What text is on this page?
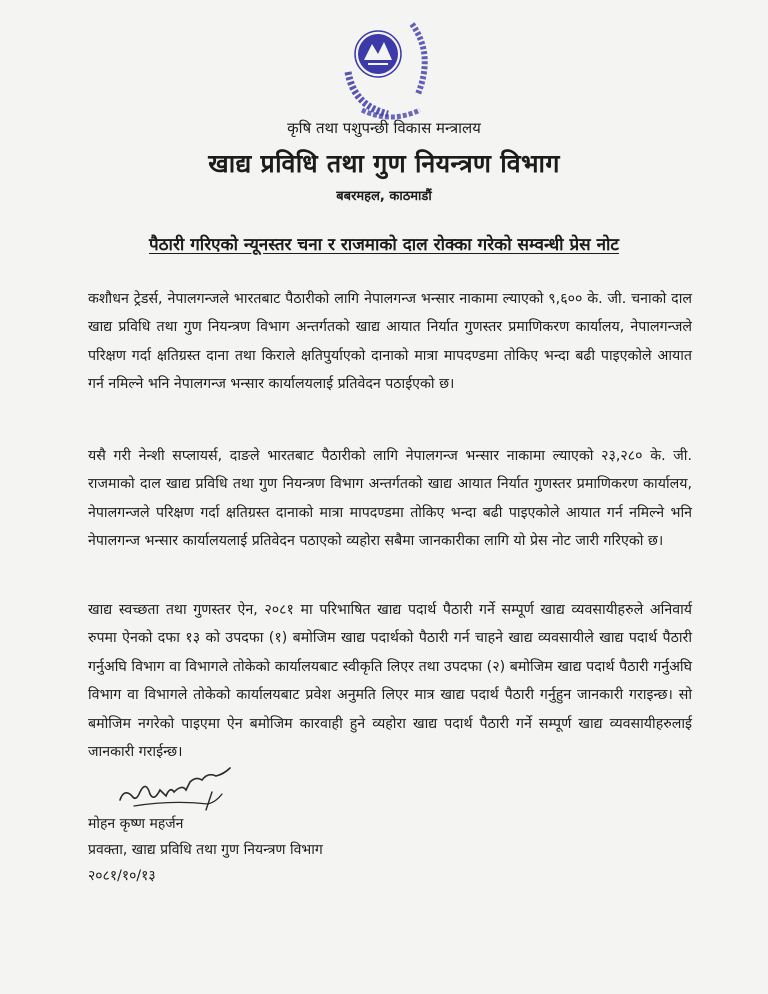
कृषि तथा पशुपन्छी विकास मन्त्रालय
खाद्य प्रविधि तथा गुण नियन्त्रण विभाग
बबरमहल, काठमाडौं
पैठारी गरिएको न्यूनस्तर चना र राजमाको दाल रोक्का गरेको सम्वन्धी प्रेस नोट

कशौधन ट्रेडर्स, नेपालगन्जले भारतबाट पैठारीको लागि नेपालगन्ज भन्सार नाकामा ल्याएको ९,६०० के. जी. चनाको दाल खाद्य प्रविधि तथा गुण नियन्त्रण विभाग अन्तर्गतको खाद्य आयात निर्यात गुणस्तर प्रमाणिकरण कार्यालय, नेपालगन्जले परिक्षण गर्दा क्षतिग्रस्त दाना तथा किराले क्षतिपुर्याएको दानाको मात्रा मापदण्डमा तोकिए भन्दा बढी पाइएकोले आयात गर्न नमिल्ने भनि नेपालगन्ज भन्सार कार्यालयलाई प्रतिवेदन पठाईएको छ।

यसै गरी नेन्शी सप्लायर्स, दाङले भारतबाट पैठारीको लागि नेपालगन्ज भन्सार नाकामा ल्याएको २३,२८० के. जी. राजमाको दाल खाद्य प्रविधि तथा गुण नियन्त्रण विभाग अन्तर्गतको खाद्य आयात निर्यात गुणस्तर प्रमाणिकरण कार्यालय, नेपालगन्जले परिक्षण गर्दा क्षतिग्रस्त दानाको मात्रा मापदण्डमा तोकिए भन्दा बढी पाइएकोले आयात गर्न नमिल्ने भनि नेपालगन्ज भन्सार कार्यालयलाई प्रतिवेदन पठाएको व्यहोरा सबैमा जानकारीका लागि यो प्रेस नोट जारी गरिएको छ।

खाद्य स्वच्छता तथा गुणस्तर ऐन, २०८१ मा परिभाषित खाद्य पदार्थ पैठारी गर्ने सम्पूर्ण खाद्य व्यवसायीहरुले अनिवार्य रुपमा ऐनको दफा १३ को उपदफा (१) बमोजिम खाद्य पदार्थको पैठारी गर्न चाहने खाद्य व्यवसायीले खाद्य पदार्थ पैठारी गर्नुअघि विभाग वा विभागले तोकेको कार्यालयबाट स्वीकृति लिएर तथा उपदफा (२) बमोजिम खाद्य पदार्थ पैठारी गर्नुअघि विभाग वा विभागले तोकेको कार्यालयबाट प्रवेश अनुमति लिएर मात्र खाद्य पदार्थ पैठारी गर्नुहुन जानकारी गराइन्छ। सो बमोजिम नगरेको पाइएमा ऐन बमोजिम कारवाही हुने व्यहोरा खाद्य पदार्थ पैठारी गर्ने सम्पूर्ण खाद्य व्यवसायीहरुलाई जानकारी गराईन्छ।

मोहन कृष्ण महर्जन
प्रवक्ता, खाद्य प्रविधि तथा गुण नियन्त्रण विभाग
२०८१/१०/१३
